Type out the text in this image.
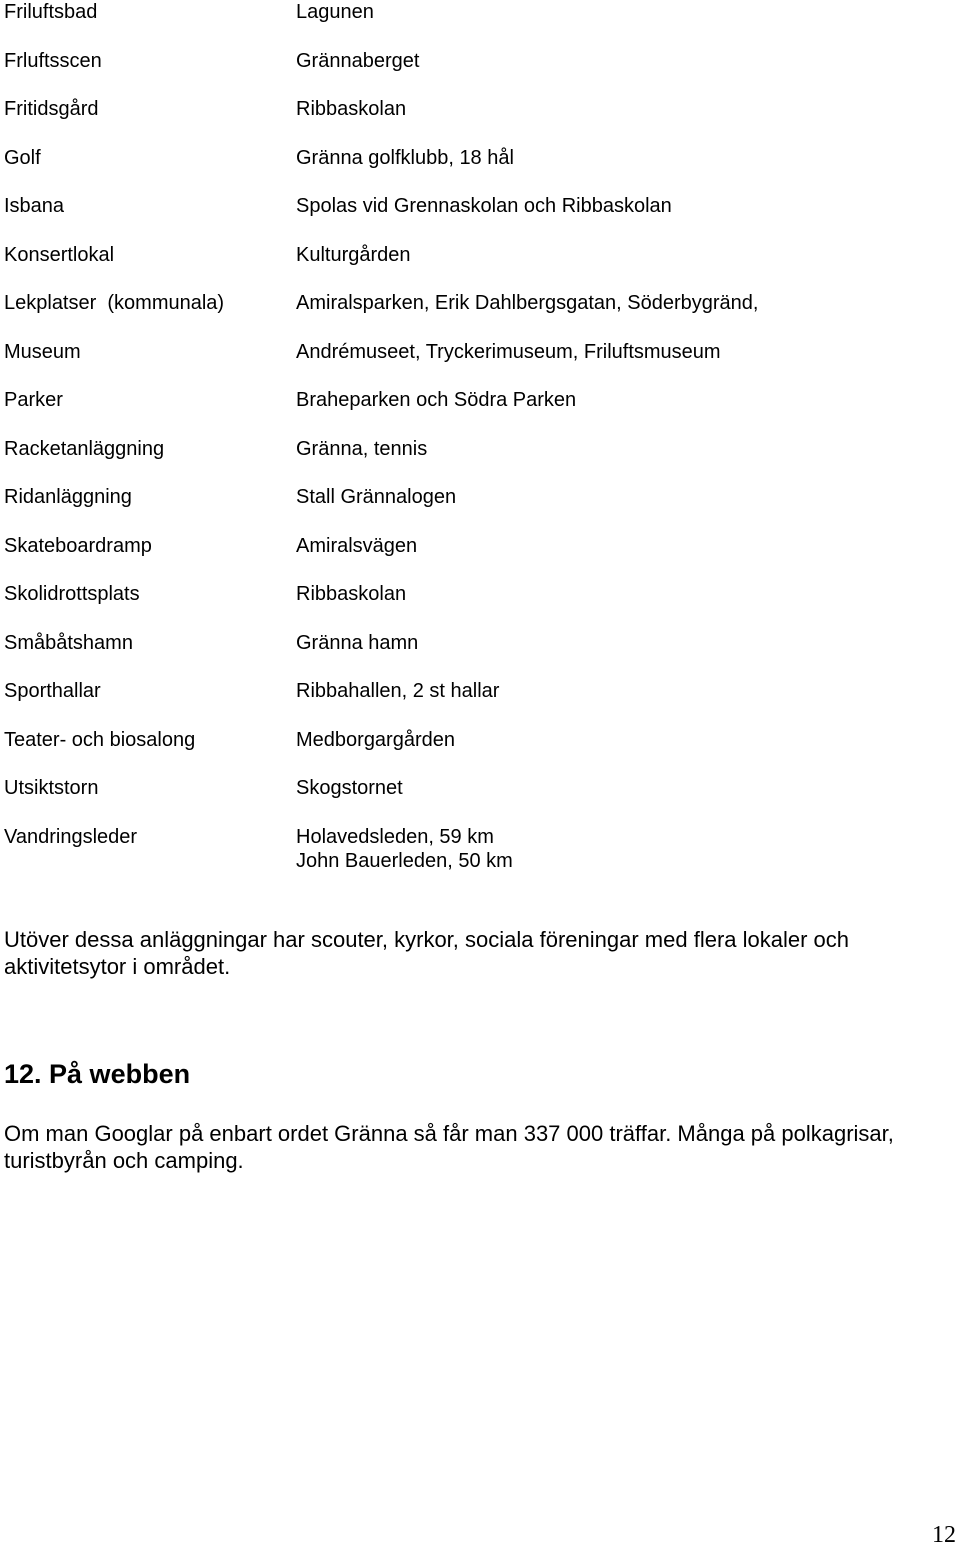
Friluftsbad	Lagunen
Frluftsscen	Grännaberget
Fritidsgård	Ribbaskolan
Golf	Gränna golfklubb, 18 hål
Isbana	Spolas vid Grennaskolan och Ribbaskolan
Konsertlokal	Kulturgården
Lekplatser  (kommunala)	Amiralsparken, Erik Dahlbergsgatan, Söderbygränd,
Museum	Andrémuseet, Tryckerimuseum, Friluftsmuseum
Parker	Braheparken och Södra Parken
Racketanläggning	Gränna, tennis
Ridanläggning	Stall Grännalogen
Skateboardramp	Amiralsvägen
Skolidrottsplats	Ribbaskolan
Småbåtshamn	Gränna hamn
Sporthallar	Ribbahallen, 2 st hallar
Teater- och biosalong	Medborgargården
Utsiktstorn	Skogstornet
Vandringsleder	Holavedsleden, 59 km
John Bauerleden, 50 km

Utöver dessa anläggningar har scouter, kyrkor, sociala föreningar med flera lokaler och aktivitetsytor i området.

12. På webben

Om man Googlar på enbart ordet Gränna så får man 337 000 träffar. Många på polkagrisar, turistbyrån och camping.

12
